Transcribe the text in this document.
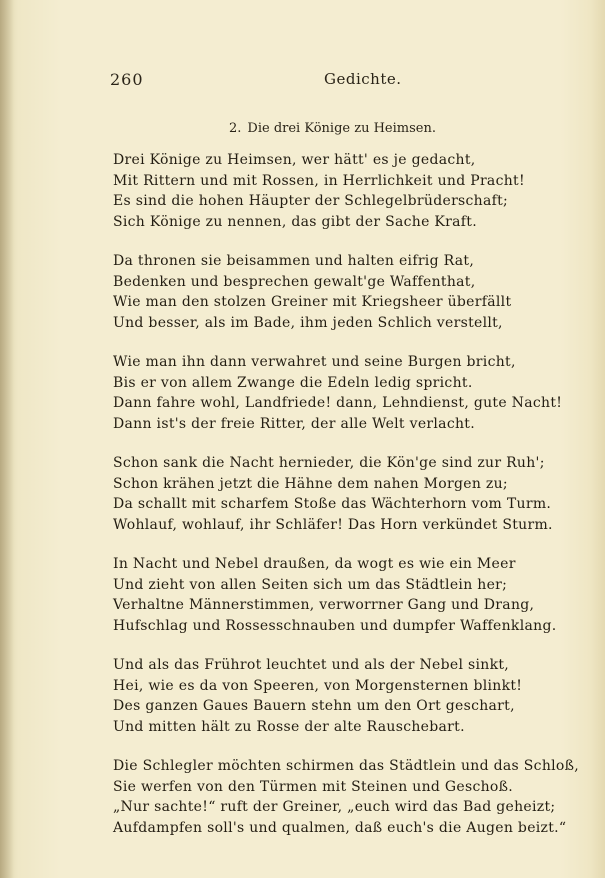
260	Gedichte.
2. Die drei Könige zu Heimsen.
Drei Könige zu Heimsen, wer hätt' es je gedacht,
Mit Rittern und mit Rossen, in Herrlichkeit und Pracht!
Es sind die hohen Häupter der Schlegelbrüderschaft;
Sich Könige zu nennen, das gibt der Sache Kraft.
Da thronen sie beisammen und halten eifrig Rat,
Bedenken und besprechen gewalt'ge Waffenthat,
Wie man den stolzen Greiner mit Kriegsheer überfällt
Und besser, als im Bade, ihm jeden Schlich verstellt,
Wie man ihn dann verwahret und seine Burgen bricht,
Bis er von allem Zwange die Edeln ledig spricht.
Dann fahre wohl, Landfriede! dann, Lehndienst, gute Nacht!
Dann ist's der freie Ritter, der alle Welt verlacht.
Schon sank die Nacht hernieder, die Kön'ge sind zur Ruh';
Schon krähen jetzt die Hähne dem nahen Morgen zu;
Da schallt mit scharfem Stoße das Wächterhorn vom Turm.
Wohlauf, wohlauf, ihr Schläfer! Das Horn verkündet Sturm.
In Nacht und Nebel draußen, da wogt es wie ein Meer
Und zieht von allen Seiten sich um das Städtlein her;
Verhaltne Männerstimmen, verworrner Gang und Drang,
Hufschlag und Rossesschnauben und dumpfer Waffenklang.
Und als das Frührot leuchtet und als der Nebel sinkt,
Hei, wie es da von Speeren, von Morgensternen blinkt!
Des ganzen Gaues Bauern stehn um den Ort geschart,
Und mitten hält zu Rosse der alte Rauschebart.
Die Schlegler möchten schirmen das Städtlein und das Schloß,
Sie werfen von den Türmen mit Steinen und Geschoß.
„Nur sachte!“ ruft der Greiner, „euch wird das Bad geheizt;
Aufdampfen soll's und qualmen, daß euch's die Augen beizt.“
